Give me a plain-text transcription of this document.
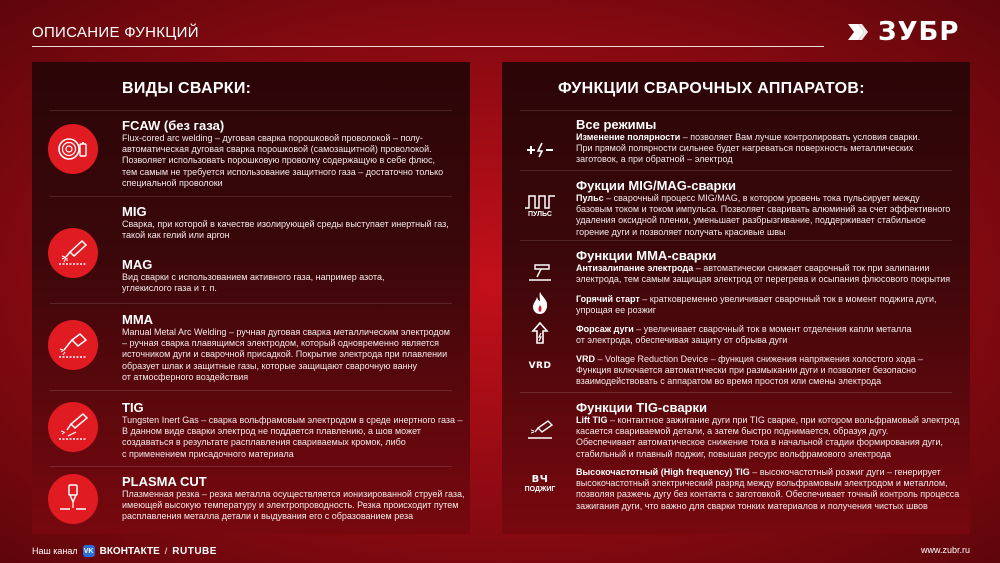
ОПИСАНИЕ ФУНКЦИЙ	ЗУБР
ВИДЫ СВАРКИ:
FCAW (без газа)
Flux-cored arc welding – дуговая сварка порошковой проволокой – полу-
автоматическая дуговая сварка порошковой (самозащитной) проволокой.
Позволяет использовать порошковую проволку содержащую в себе флюс,
тем самым не требуется использование защитного газа – достаточно только
специальной проволоки
MIG
Сварка, при которой в качестве изолирующей среды выступает инертный газ,
такой как гелий или аргон
MAG
Вид сварки с использованием активного газа, например азота,
углекислого газа и т. п.
MMA
Manual Metal Arc Welding – ручная дуговая сварка металлическим электродом
– ручная сварка плавящимся электродом, который одновременно является
источником дуги и сварочной присадкой. Покрытие электрода при плавлении
образует шлак и защитные газы, которые защищают сварочную ванну
от атмосферного воздействия
TIG
Tungsten Inert Gas – сварка вольфрамовым электродом в среде инертного газа –
В данном виде сварки электрод не поддается плавлению, а шов может
создаваться в результате расплавления свариваемых кромок, либо
с применением присадочного материала
PLASMA CUT
Плазменная резка – резка металла осуществляется ионизированной струей газа,
имеющей высокую температуру и электропроводность. Резка происходит путем
расплавления металла детали и выдувания его с образованием реза
ФУНКЦИИ СВАРОЧНЫХ АППАРАТОВ:
Все режимы
Изменение полярности – позволяет Вам лучше контролировать условия сварки.
При прямой полярности сильнее будет нагреваться поверхность металлических
заготовок, а при обратной – электрод
ПУЛЬС
Фукции MIG/MAG-сварки
Пульс – сварочный процесс MIG/MAG, в котором уровень тока пульсирует между
базовым током и током импульса. Позволяет сваривать алюминий за счет эффективного
удаления оксидной пленки, уменьшает разбрызгивание, поддерживает стабильное
горение дуги и позволяет получать красивые швы
Функции MMA-сварки
Антизалипание электрода – автоматически снижает сварочный ток при залипании
электрода, тем самым защищая электрод от перегрева и осыпания флюсового покрытия
Горячий старт – кратковременно увеличивает сварочный ток в момент поджига дуги,
упрощая ее розжиг
Форсаж дуги – увеличивает сварочный ток в момент отделения капли металла
от электрода, обеспечивая защиту от обрыва дуги
VRD
VRD – Voltage Reduction Device – функция снижения напряжения холостого хода –
Функция включается автоматически при размыкании дуги и позволяет безопасно
взаимодействовать с аппаратом во время простоя или смены электрода
Функции TIG-сварки
Lift TIG – контактное зажигание дуги при TIG сварке, при котором вольфрамовый электрод
касается свариваемой детали, а затем быстро поднимается, образуя дугу.
Обеспечивает автоматическое снижение тока в начальной стадии формирования дуги,
стабильный и плавный поджиг, повышая ресурс вольфрамового электрода
ВЧ
ПОДЖИГ
Высокочастотный (High frequency) TIG – высокочастотный розжиг дуги – генерирует
высокочастотный электрический разряд между вольфрамовым электродом и металлом,
позволяя разжечь дугу без контакта с заготовкой. Обеспечивает точный контроль процесса
зажигания дуги, что важно для сварки тонких материалов и получения чистых швов
Наш канал VK ВКОНТАКТЕ / RUTUBE	www.zubr.ru
